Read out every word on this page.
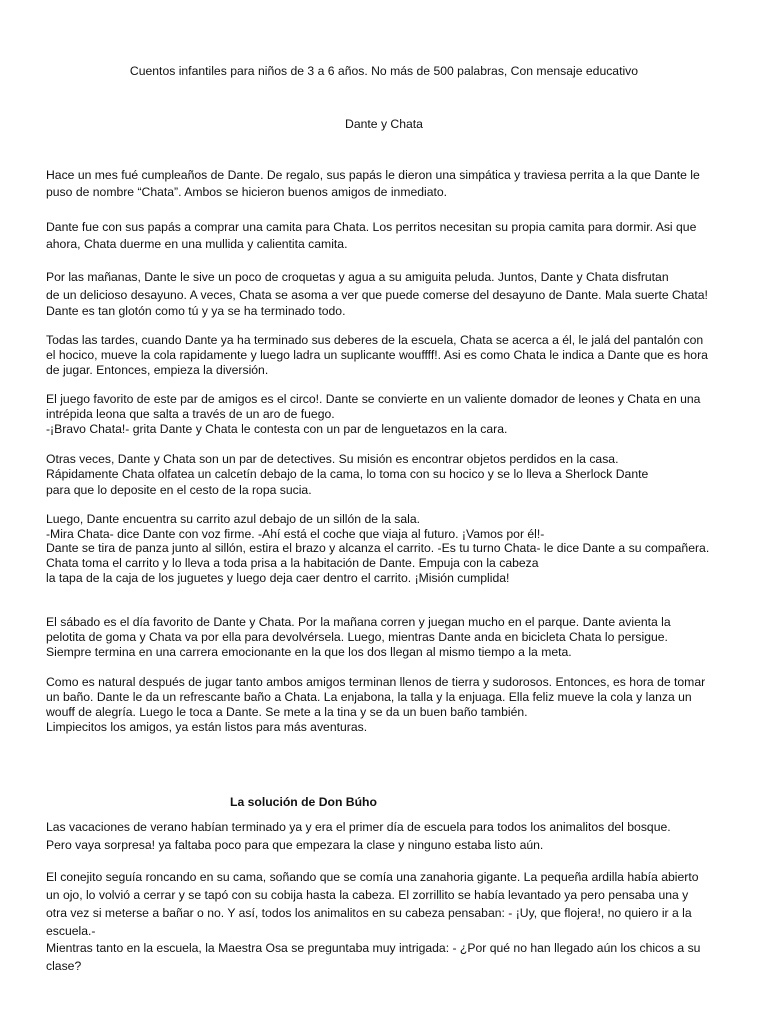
Cuentos infantiles para niños de 3 a 6 años. No más de 500 palabras, Con mensaje educativo

Dante y Chata

Hace un mes fué cumpleaños de Dante. De regalo, sus papás le dieron una simpática y traviesa perrita a la que Dante le

puso de nombre “Chata”. Ambos se hicieron buenos amigos de inmediato.

Dante fue con sus papás a comprar una camita para Chata. Los perritos necesitan su propia camita para dormir. Asi que

ahora, Chata duerme en una mullida y calientita camita.

Por las mañanas, Dante le sive un poco de croquetas y agua a su amiguita peluda. Juntos, Dante y Chata disfrutan

de un delicioso desayuno. A veces, Chata se asoma a ver que puede comerse del desayuno de Dante. Mala suerte Chata!

Dante es tan glotón como tú y ya se ha terminado todo.

Todas las tardes, cuando Dante ya ha terminado sus deberes de la escuela, Chata se acerca a él, le jalá del pantalón con

el hocico, mueve la cola rapidamente y luego ladra un suplicante wouffff!. Asi es como Chata le indica a Dante que es hora

de jugar. Entonces, empieza la diversión.

El juego favorito de este par de amigos es el circo!. Dante se convierte en un valiente domador de leones y Chata en una

intrépida leona que salta a través de un aro de fuego.

-¡Bravo Chata!- grita Dante y Chata le contesta con un par de lenguetazos en la cara.

Otras veces, Dante y Chata son un par de detectives. Su misión es encontrar objetos perdidos en la casa.

Rápidamente Chata olfatea un calcetín debajo de la cama, lo toma con su hocico y se lo lleva a Sherlock Dante

para que lo deposite en el cesto de la ropa sucia.

Luego, Dante encuentra su carrito azul debajo de un sillón de la sala.

-Mira Chata- dice Dante con voz firme. -Ahí está el coche que viaja al futuro. ¡Vamos por él!-

Dante se tira de panza junto al sillón, estira el brazo y alcanza el carrito. -Es tu turno Chata- le dice Dante a su compañera.

Chata toma el carrito y lo lleva a toda prisa a la habitación de Dante. Empuja con la cabeza

la tapa de la caja de los juguetes y luego deja caer dentro el carrito. ¡Misión cumplida!

El sábado es el día favorito de Dante y Chata. Por la mañana corren y juegan mucho en el parque. Dante avienta la

pelotita de goma y Chata va por ella para devolvérsela. Luego, mientras Dante anda en bicicleta Chata lo persigue.

Siempre termina en una carrera emocionante en la que los dos llegan al mismo tiempo a la meta.

Como es natural después de jugar tanto ambos amigos terminan llenos de tierra y sudorosos. Entonces, es hora de tomar

un baño. Dante le da un refrescante baño a Chata. La enjabona, la talla y la enjuaga. Ella feliz mueve la cola y lanza un

wouff de alegría. Luego le toca a Dante. Se mete a la tina y se da un buen baño también.

Limpiecitos los amigos, ya están listos para más aventuras.

La solución de Don Búho

Las vacaciones de verano habían terminado ya y era el primer día de escuela para todos los animalitos del bosque.

Pero vaya sorpresa! ya faltaba poco para que empezara la clase y ninguno estaba listo aún.

El conejito seguía roncando en su cama, soñando que se comía una zanahoria gigante. La pequeña ardilla había abierto

un ojo, lo volvió a cerrar y se tapó con su cobija hasta la cabeza. El zorrillito se había levantado ya pero pensaba una y

otra vez si meterse a bañar o no. Y así, todos los animalitos en su cabeza pensaban: - ¡Uy, que flojera!, no quiero ir a la

escuela.-

Mientras tanto en la escuela, la Maestra Osa se preguntaba muy intrigada: - ¿Por qué no han llegado aún los chicos a su

clase?
